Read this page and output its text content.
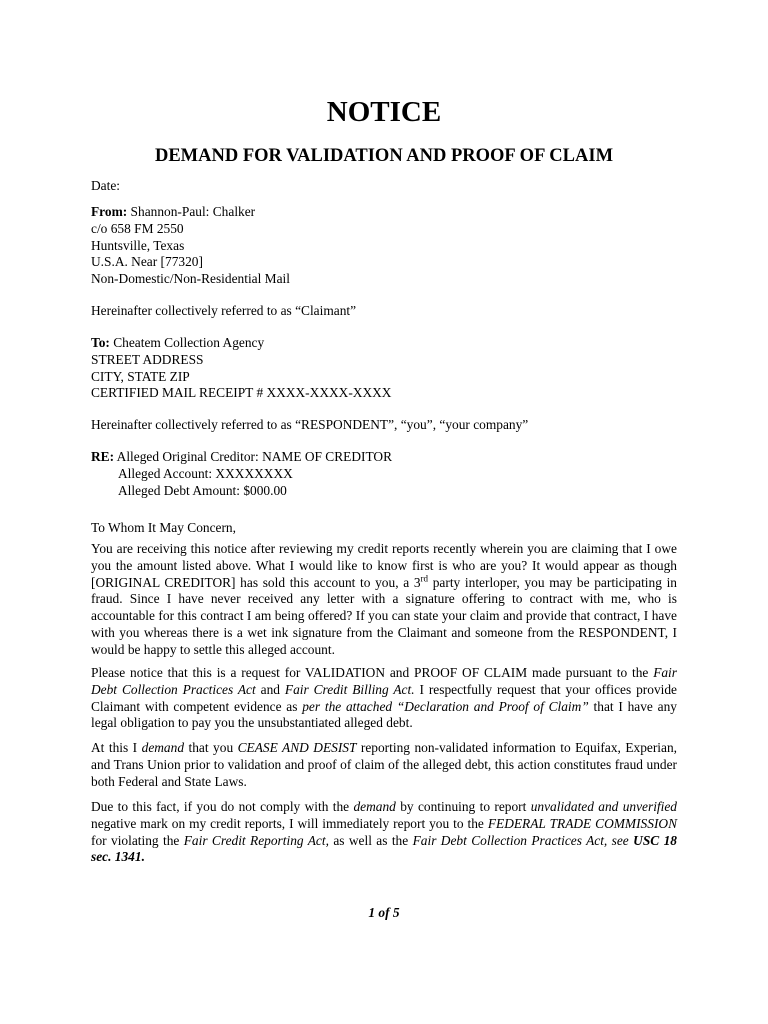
NOTICE
DEMAND FOR VALIDATION AND PROOF OF CLAIM
Date:
From: Shannon-Paul: Chalker
c/o 658 FM 2550
Huntsville, Texas
U.S.A. Near [77320]
Non-Domestic/Non-Residential Mail
Hereinafter collectively referred to as “Claimant”
To: Cheatem Collection Agency
STREET ADDRESS
CITY, STATE ZIP
CERTIFIED MAIL RECEIPT # XXXX-XXXX-XXXX
Hereinafter collectively referred to as “RESPONDENT”, “you”, “your company”
RE: Alleged Original Creditor: NAME OF CREDITOR
Alleged Account: XXXXXXXX
Alleged Debt Amount: $000.00
To Whom It May Concern,

You are receiving this notice after reviewing my credit reports recently wherein you are claiming that I owe you the amount listed above. What I would like to know first is who are you? It would appear as though [ORIGINAL CREDITOR] has sold this account to you, a 3rd party interloper, you may be participating in fraud. Since I have never received any letter with a signature offering to contract with me, who is accountable for this contract I am being offered? If you can state your claim and provide that contract, I have with you whereas there is a wet ink signature from the Claimant and someone from the RESPONDENT, I would be happy to settle this alleged account.

Please notice that this is a request for VALIDATION and PROOF OF CLAIM made pursuant to the Fair Debt Collection Practices Act and Fair Credit Billing Act. I respectfully request that your offices provide Claimant with competent evidence as per the attached “Declaration and Proof of Claim” that I have any legal obligation to pay you the unsubstantiated alleged debt.

At this I demand that you CEASE AND DESIST reporting non-validated information to Equifax, Experian, and Trans Union prior to validation and proof of claim of the alleged debt, this action constitutes fraud under both Federal and State Laws.

Due to this fact, if you do not comply with the demand by continuing to report unvalidated and unverified negative mark on my credit reports, I will immediately report you to the FEDERAL TRADE COMMISSION for violating the Fair Credit Reporting Act, as well as the Fair Debt Collection Practices Act, see USC 18 sec. 1341.

1 of 5
